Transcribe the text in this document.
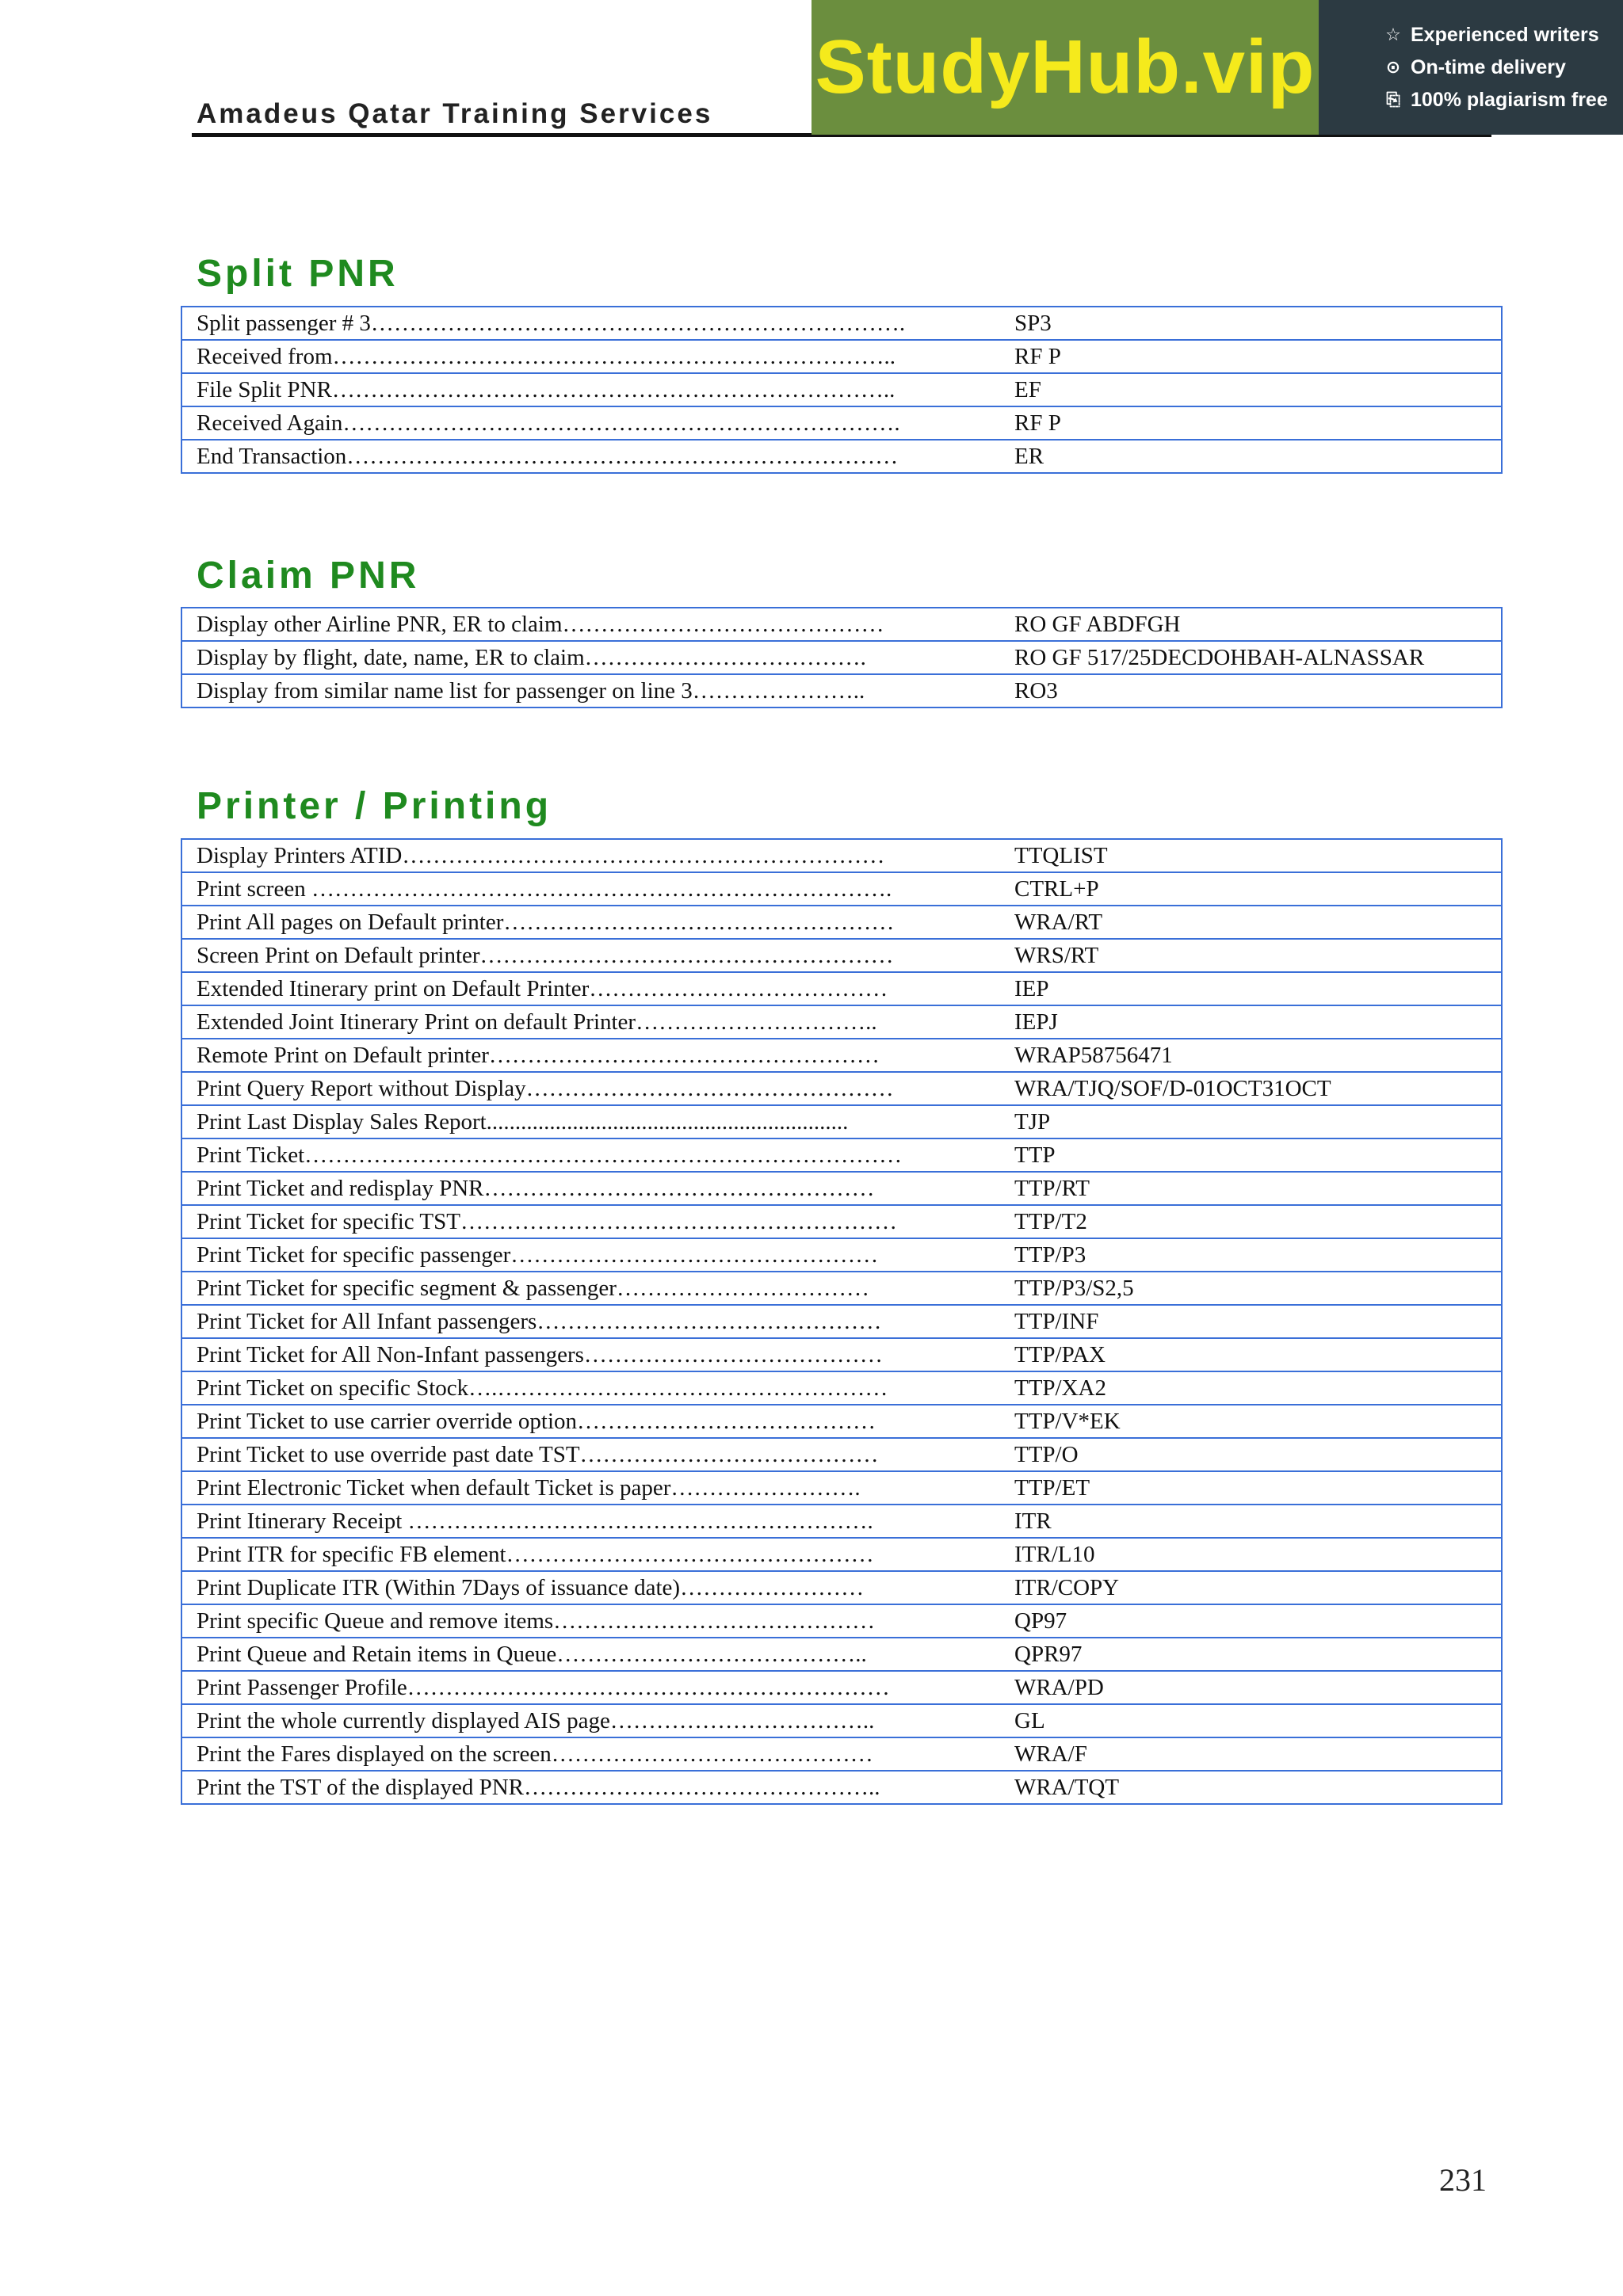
Amadeus Qatar Training Services
StudyHub.vip	☆ Experienced writers
⊙ On-time delivery
⎘ 100% plagiarism free
Split PNR
Split passenger # 3…………………………………………………………….	SP3
Received from………………………………………………………………..	RF P
File Split PNR………………………………………………………………..	EF
Received Again……………………………………………………………….	RF P
End Transaction………………………………………………………………	ER
Claim PNR
Display other Airline PNR, ER to claim……………………………………	RO GF ABDFGH
Display by flight, date, name, ER to claim……………………………….	RO GF 517/25DECDOHBAH-ALNASSAR
Display from similar name list for passenger on line 3…………………..	RO3
Printer / Printing
Display Printers ATID………………………………………………………	TTQLIST
Print screen ………………………………………………………………….	CTRL+P
Print All pages on Default printer……………………………………………	WRA/RT
Screen Print on Default printer………………………………………………	WRS/RT
Extended Itinerary print on Default Printer…………………………………	IEP
Extended Joint Itinerary Print on default Printer…………………………..	IEPJ
Remote Print on Default printer……………………………………………	WRAP58756471
Print Query Report without Display…………………………………………	WRA/TJQ/SOF/D-01OCT31OCT
Print Last Display Sales Report...............................................................	TJP
Print Ticket……………………………………………………………………	TTP
Print Ticket and redisplay PNR……………………………………………	TTP/RT
Print Ticket for specific TST…………………………………………………	TTP/T2
Print Ticket for specific passenger…………………………………………	TTP/P3
Print Ticket for specific segment & passenger……………………………	TTP/P3/S2,5
Print Ticket for All Infant passengers………………………………………	TTP/INF
Print Ticket for All Non-Infant passengers…………………………………	TTP/PAX
Print Ticket on specific Stock….……………………………………………	TTP/XA2
Print Ticket to use carrier override option…………………………………	TTP/V*EK
Print Ticket to use override past date TST…………………………………	TTP/O
Print Electronic Ticket when default Ticket is paper…………………….	TTP/ET
Print Itinerary Receipt …………………………………………………….	ITR
Print ITR for specific FB element…………………………………………	ITR/L10
Print Duplicate ITR (Within 7Days of issuance date)……………………	ITR/COPY
Print specific Queue and remove items……………………………………	QP97
Print Queue and Retain items in Queue…………………………………..	QPR97
Print Passenger Profile………………………………………………………	WRA/PD
Print the whole currently displayed AIS page……………………………..	GL
Print the Fares displayed on the screen……………………………………	WRA/F
Print the TST of the displayed PNR………………………………………..	WRA/TQT
231
